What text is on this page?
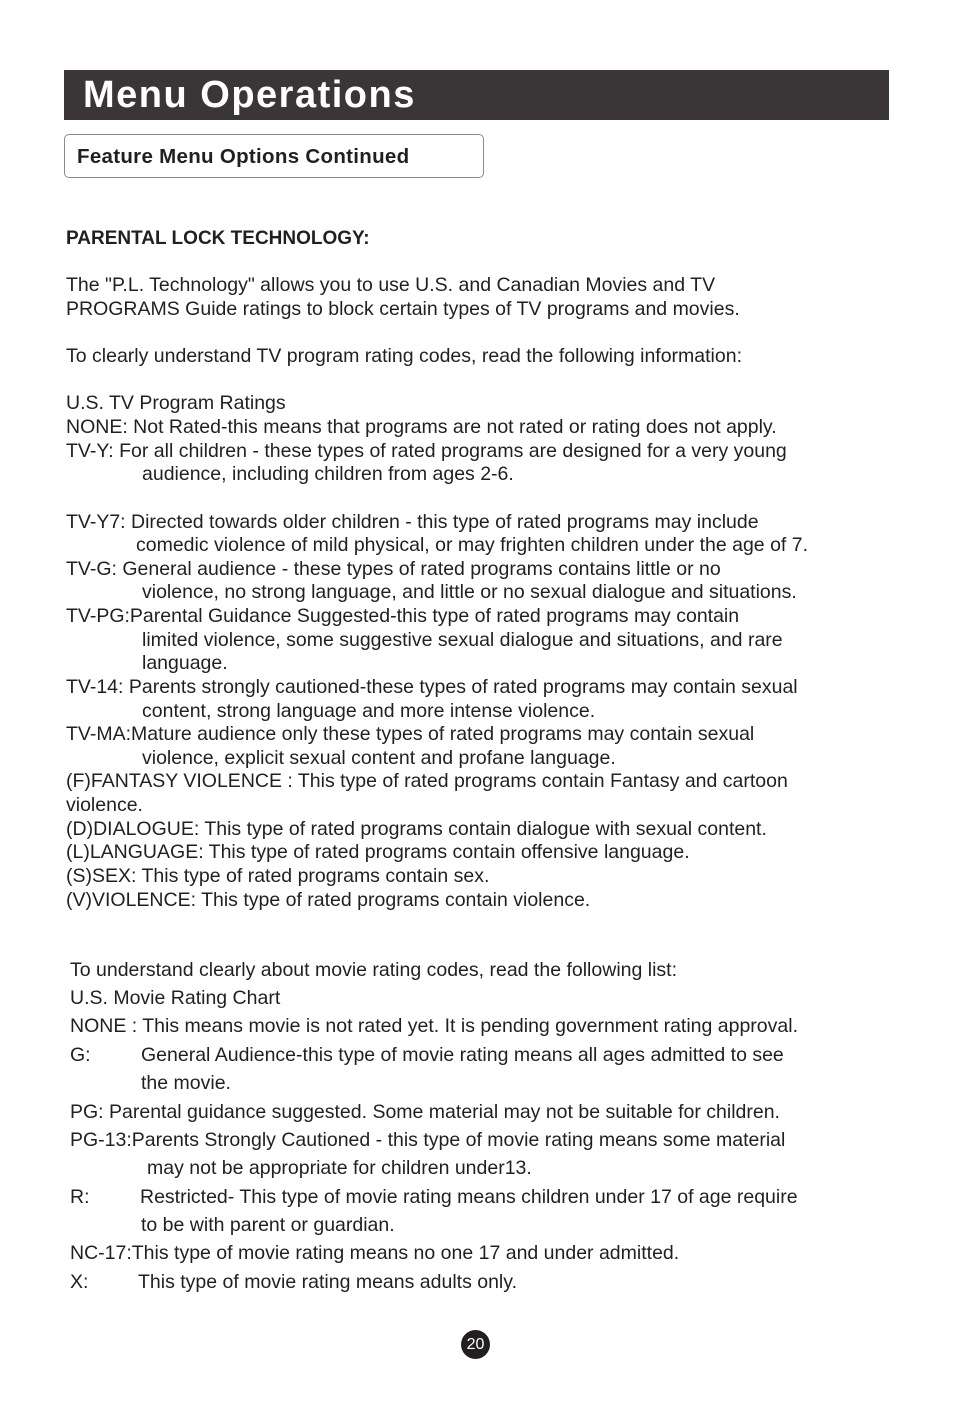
Menu Operations
Feature Menu Options Continued
PARENTAL LOCK TECHNOLOGY:
The "P.L. Technology" allows you to use U.S. and Canadian Movies and TV
PROGRAMS Guide ratings to block certain types of TV programs and movies.
To clearly understand TV program rating codes, read the following information:
U.S. TV Program Ratings
NONE: Not Rated-this means that programs are not rated or rating does not apply.
TV-Y: For all children - these types of rated programs are designed for a very young
audience, including children from ages 2-6.
TV-Y7: Directed towards older children - this type of rated programs may include
comedic violence of mild physical, or may frighten children under the age of 7.
TV-G: General audience - these types of rated programs contains little or no
violence, no strong language, and little or no sexual dialogue and situations.
TV-PG:Parental Guidance Suggested-this type of rated programs may contain
limited violence, some suggestive sexual dialogue and situations, and rare
language.
TV-14: Parents strongly cautioned-these types of rated programs may contain sexual
content, strong language and more intense violence.
TV-MA:Mature audience only these types of rated programs may contain sexual
violence, explicit sexual content and profane language.
(F)FANTASY VIOLENCE : This type of rated programs contain Fantasy and cartoon
violence.
(D)DIALOGUE: This type of rated programs contain dialogue with sexual content.
(L)LANGUAGE: This type of rated programs contain offensive language.
(S)SEX: This type of rated programs contain sex.
(V)VIOLENCE: This type of rated programs contain violence.
To understand clearly about movie rating codes, read the following list:
U.S. Movie Rating Chart
NONE : This means movie is not rated yet. It is pending government rating approval.
G:	General Audience-this type of movie rating means all ages admitted to see
the movie.
PG: Parental guidance suggested. Some material may not be suitable for children.
PG-13:Parents Strongly Cautioned - this type of movie rating means some material
may not be appropriate for children under13.
R:	Restricted- This type of movie rating means children under 17 of age require
to be with parent or guardian.
NC-17:This type of movie rating means no one 17 and under admitted.
X:	This type of movie rating means adults only.
20
